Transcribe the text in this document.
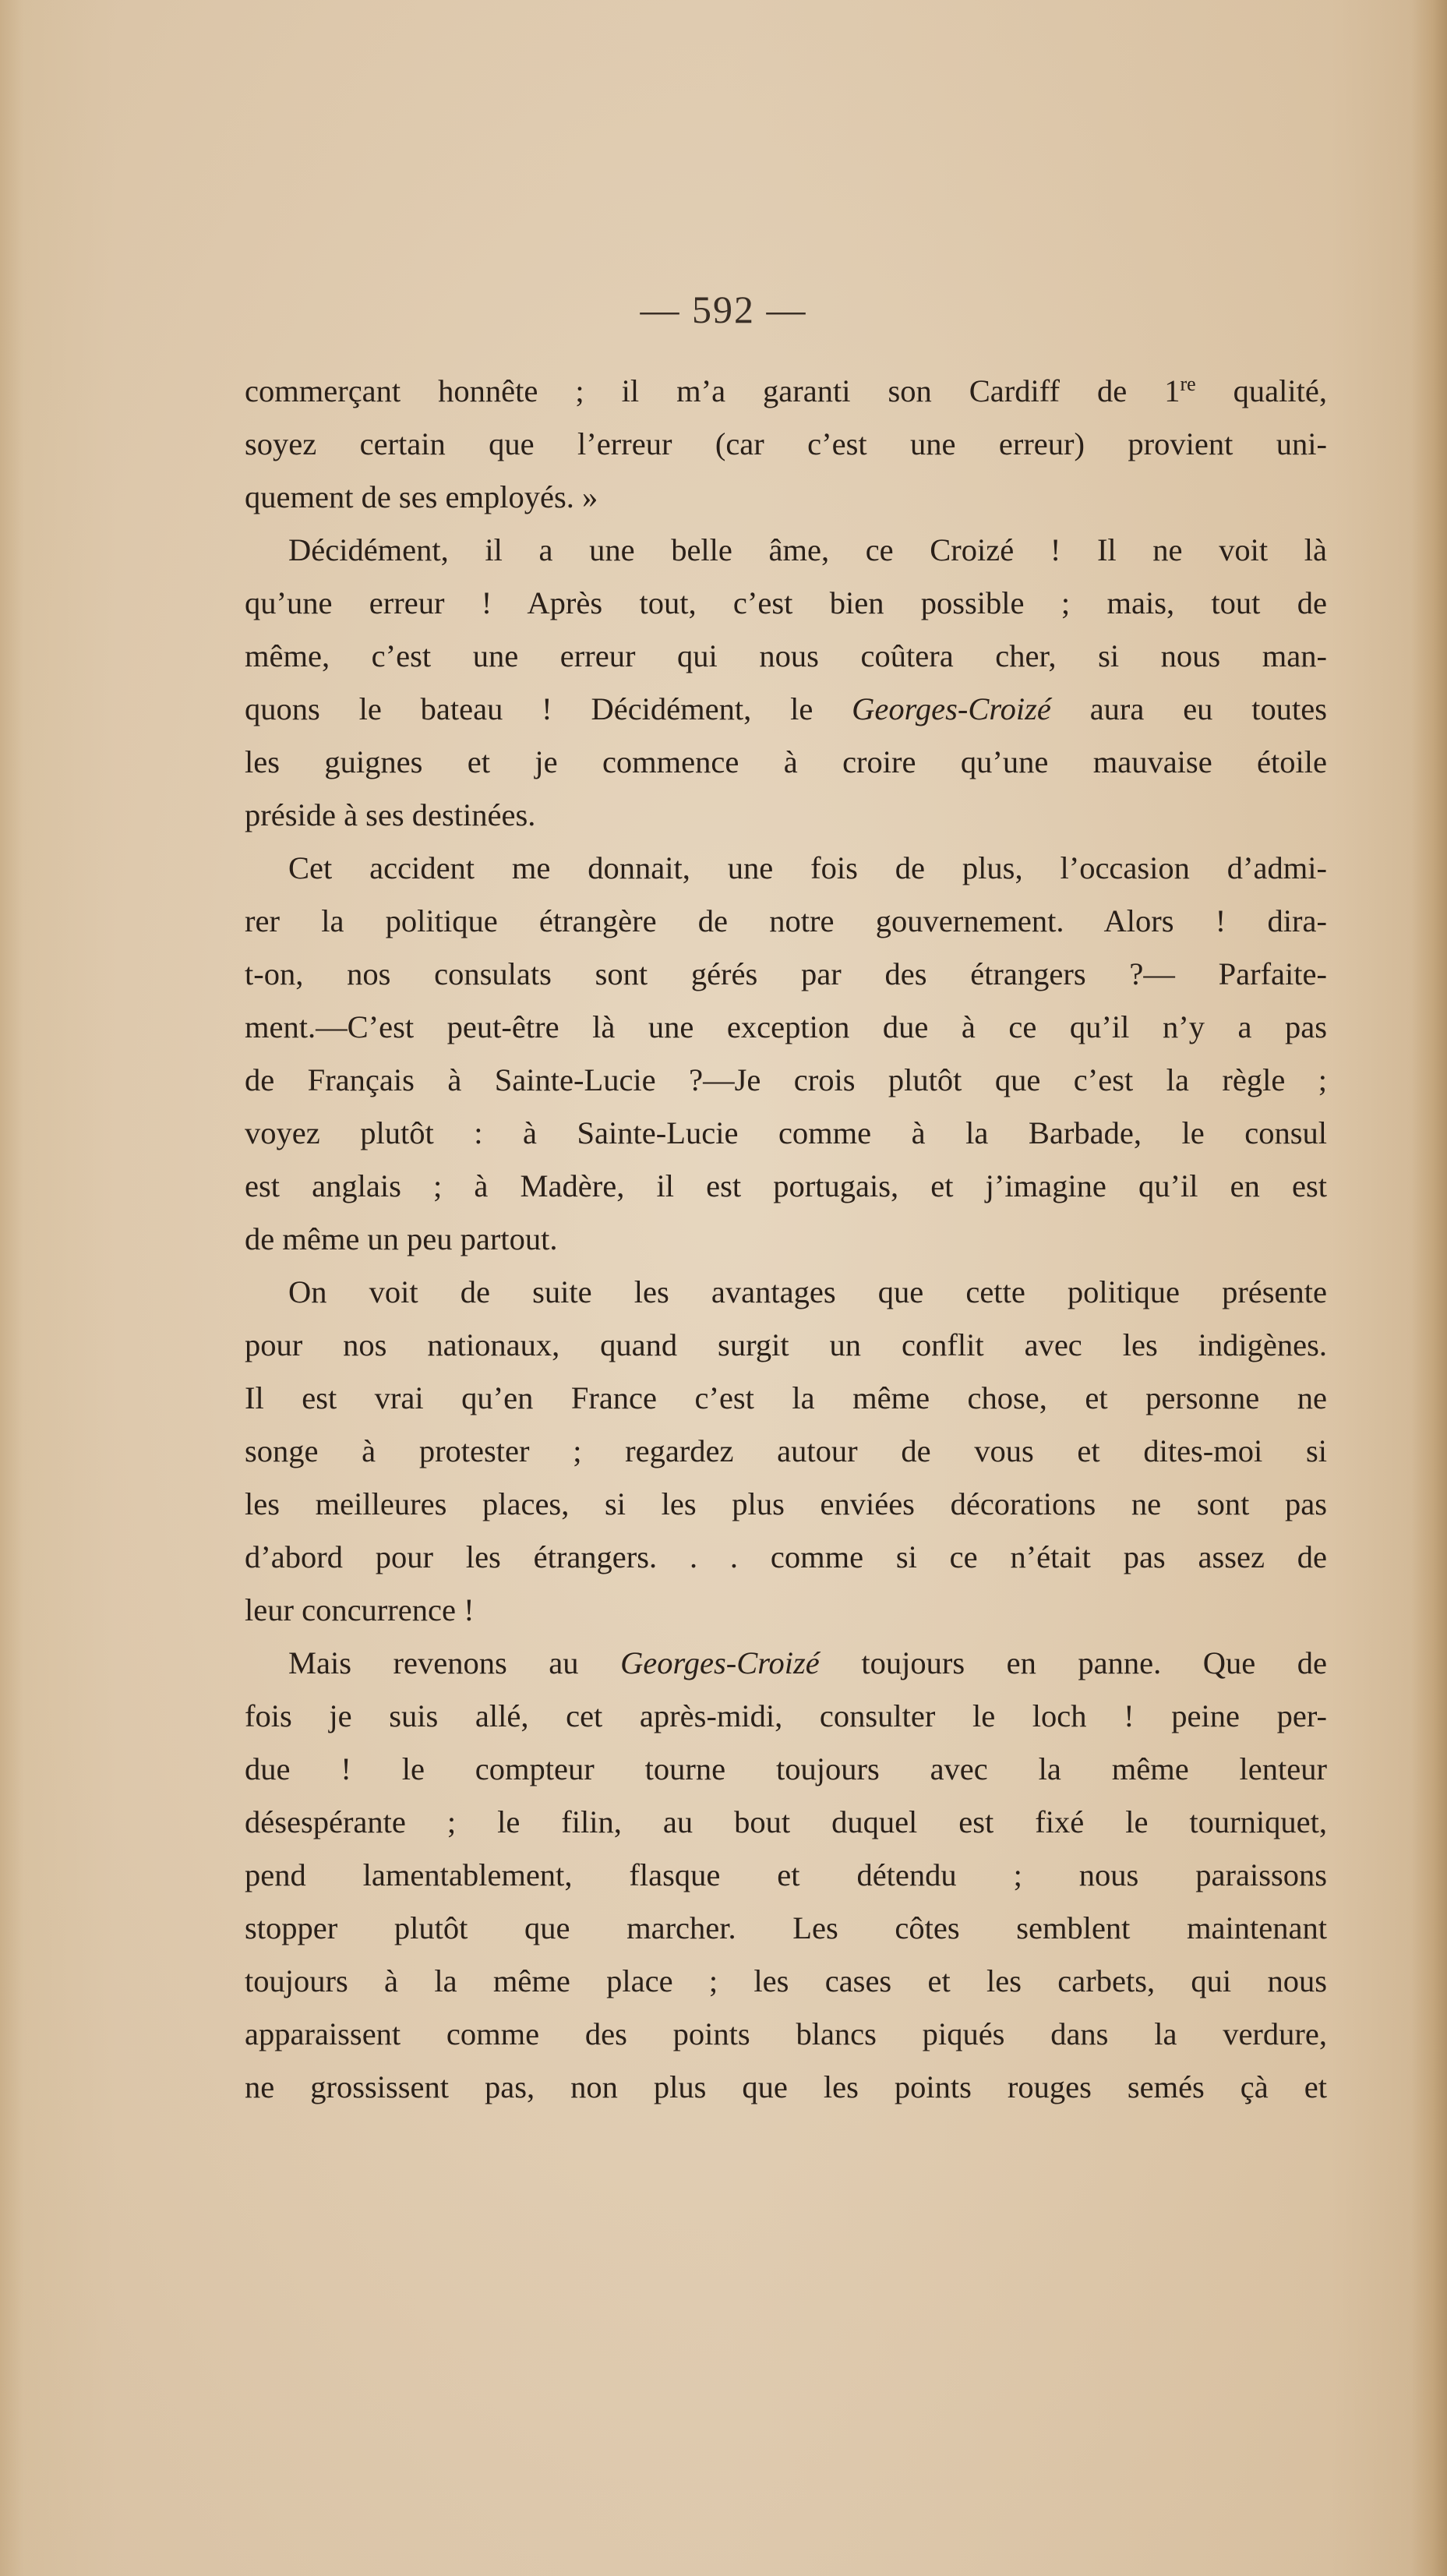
— 592 —
commerçant honnête ; il m’a garanti son Cardiff de 1re qualité,
soyez certain que l’erreur (car c’est une erreur) provient uni-
quement de ses employés. »
Décidément, il a une belle âme, ce Croizé ! Il ne voit là
qu’une erreur ! Après tout, c’est bien possible ; mais, tout de
même, c’est une erreur qui nous coûtera cher, si nous man-
quons le bateau ! Décidément, le Georges-Croizé aura eu toutes
les guignes et je commence à croire qu’une mauvaise étoile
préside à ses destinées.
Cet accident me donnait, une fois de plus, l’occasion d’admi-
rer la politique étrangère de notre gouvernement. Alors ! dira-
t-on, nos consulats sont gérés par des étrangers ?— Parfaite-
ment.—C’est peut-être là une exception due à ce qu’il n’y a pas
de Français à Sainte-Lucie ?—Je crois plutôt que c’est la règle ;
voyez plutôt : à Sainte-Lucie comme à la Barbade, le consul
est anglais ; à Madère, il est portugais, et j’imagine qu’il en est
de même un peu partout.
On voit de suite les avantages que cette politique présente
pour nos nationaux, quand surgit un conflit avec les indigènes.
Il est vrai qu’en France c’est la même chose, et personne ne
songe à protester ; regardez autour de vous et dites-moi si
les meilleures places, si les plus enviées décorations ne sont pas
d’abord pour les étrangers. . . comme si ce n’était pas assez de
leur concurrence !
Mais revenons au Georges-Croizé toujours en panne. Que de
fois je suis allé, cet après-midi, consulter le loch ! peine per-
due ! le compteur tourne toujours avec la même lenteur
désespérante ; le filin, au bout duquel est fixé le tourniquet,
pend lamentablement, flasque et détendu ; nous paraissons
stopper plutôt que marcher. Les côtes semblent maintenant
toujours à la même place ; les cases et les carbets, qui nous
apparaissent comme des points blancs piqués dans la verdure,
ne grossissent pas, non plus que les points rouges semés çà et
